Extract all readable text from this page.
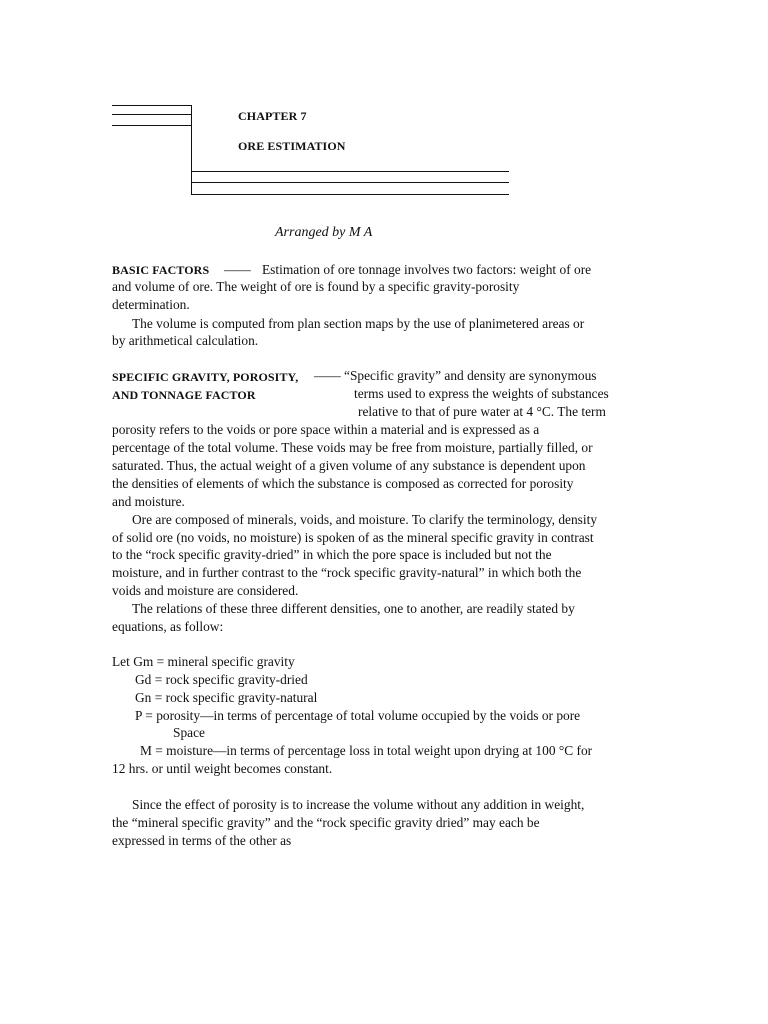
CHAPTER 7
ORE ESTIMATION
Arranged by M A
BASIC FACTORS —— Estimation of ore tonnage involves two factors: weight of ore
and volume of ore. The weight of ore is found by a specific gravity-porosity
determination.
The volume is computed from plan section maps by the use of planimetered areas or
by arithmetical calculation.
SPECIFIC GRAVITY, POROSITY,
AND TONNAGE FACTOR
—— “Specific gravity” and density are synonymous
terms used to express the weights of substances
relative to that of pure water at 4 °C. The term
porosity refers to the voids or pore space within a material and is expressed as a
percentage of the total volume. These voids may be free from moisture, partially filled, or
saturated. Thus, the actual weight of a given volume of any substance is dependent upon
the densities of elements of which the substance is composed as corrected for porosity
and moisture.
Ore are composed of minerals, voids, and moisture. To clarify the terminology, density
of solid ore (no voids, no moisture) is spoken of as the mineral specific gravity in contrast
to the “rock specific gravity-dried” in which the pore space is included but not the
moisture, and in further contrast to the “rock specific gravity-natural” in which both the
voids and moisture are considered.
The relations of these three different densities, one to another, are readily stated by
equations, as follow:
Let Gm = mineral specific gravity
Gd = rock specific gravity-dried
Gn = rock specific gravity-natural
P = porosity—in terms of percentage of total volume occupied by the voids or pore
Space
M = moisture—in terms of percentage loss in total weight upon drying at 100 °C for
12 hrs. or until weight becomes constant.
Since the effect of porosity is to increase the volume without any addition in weight,
the “mineral specific gravity” and the “rock specific gravity dried” may each be
expressed in terms of the other as
